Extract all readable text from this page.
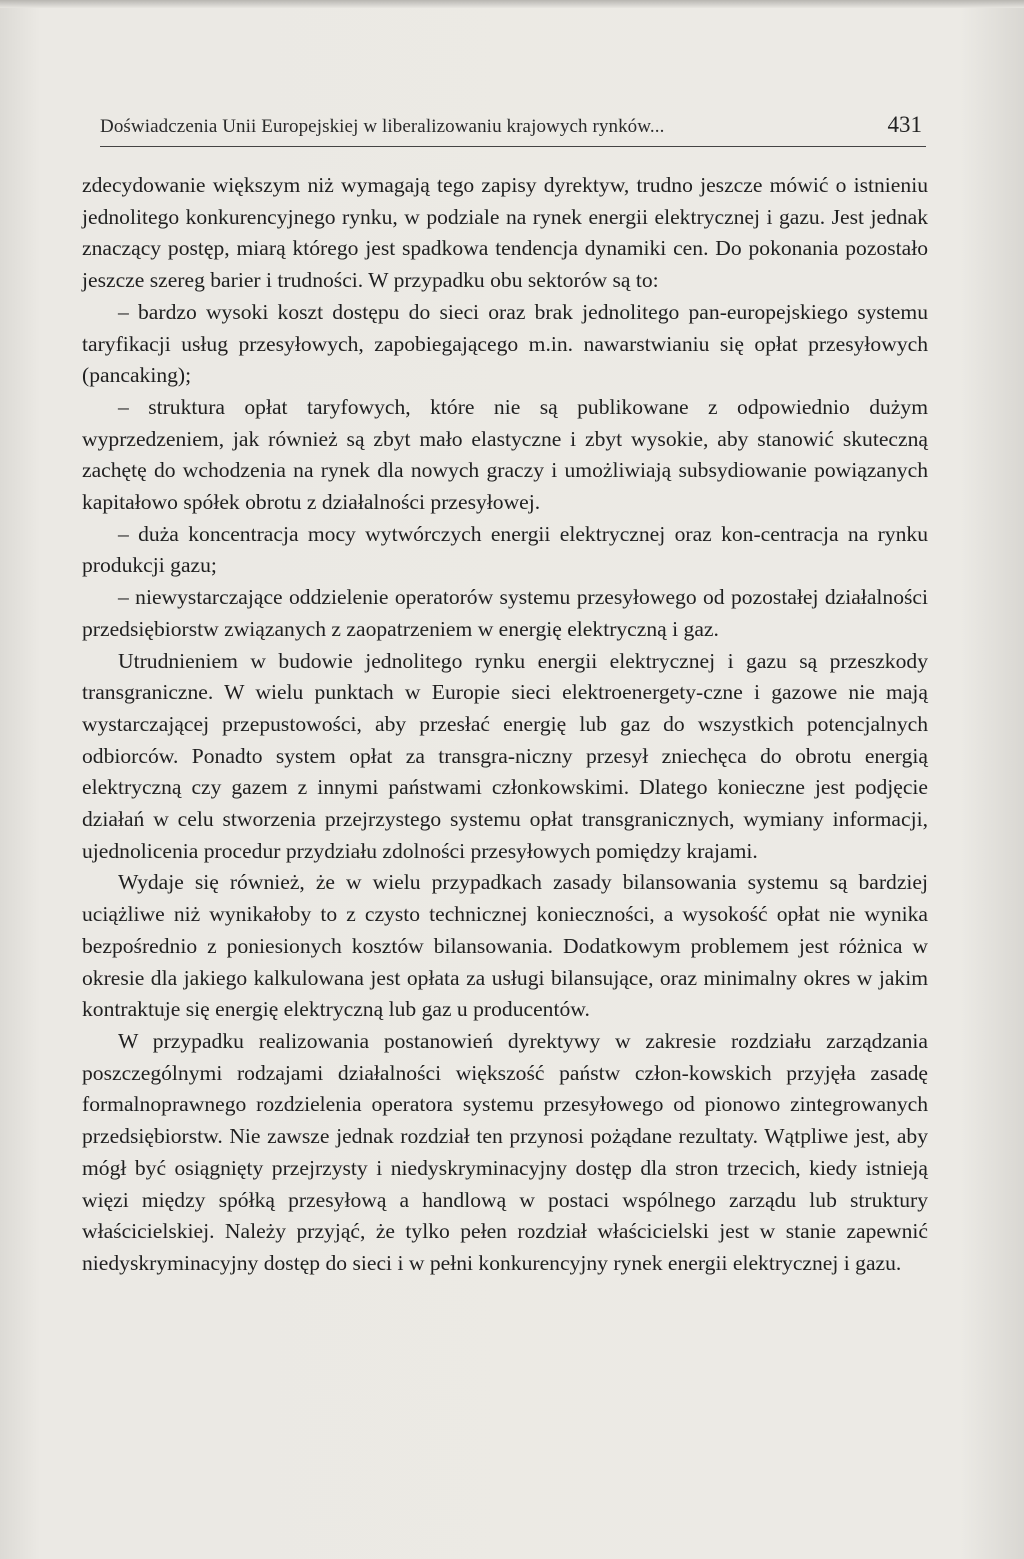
Doświadczenia Unii Europejskiej w liberalizowaniu krajowych rynków...	431

zdecydowanie większym niż wymagają tego zapisy dyrektyw, trudno jeszcze mówić o istnieniu jednolitego konkurencyjnego rynku, w podziale na rynek energii elektrycznej i gazu. Jest jednak znaczący postęp, miarą którego jest spadkowa tendencja dynamiki cen. Do pokonania pozostało jeszcze szereg barier i trudności. W przypadku obu sektorów są to:

– bardzo wysoki koszt dostępu do sieci oraz brak jednolitego pan-europejskiego systemu taryfikacji usług przesyłowych, zapobiegającego m.in. nawarstwianiu się opłat przesyłowych (pancaking);

– struktura opłat taryfowych, które nie są publikowane z odpowiednio dużym wyprzedzeniem, jak również są zbyt mało elastyczne i zbyt wysokie, aby stanowić skuteczną zachętę do wchodzenia na rynek dla nowych graczy i umożliwiają subsydiowanie powiązanych kapitałowo spółek obrotu z działalności przesyłowej.

– duża koncentracja mocy wytwórczych energii elektrycznej oraz kon-centracja na rynku produkcji gazu;

– niewystarczające oddzielenie operatorów systemu przesyłowego od pozostałej działalności przedsiębiorstw związanych z zaopatrzeniem w energię elektryczną i gaz.

Utrudnieniem w budowie jednolitego rynku energii elektrycznej i gazu są przeszkody transgraniczne. W wielu punktach w Europie sieci elektroenergety-czne i gazowe nie mają wystarczającej przepustowości, aby przesłać energię lub gaz do wszystkich potencjalnych odbiorców. Ponadto system opłat za transgra-niczny przesył zniechęca do obrotu energią elektryczną czy gazem z innymi państwami członkowskimi. Dlatego konieczne jest podjęcie działań w celu stworzenia przejrzystego systemu opłat transgranicznych, wymiany informacji, ujednolicenia procedur przydziału zdolności przesyłowych pomiędzy krajami.

Wydaje się również, że w wielu przypadkach zasady bilansowania systemu są bardziej uciążliwe niż wynikałoby to z czysto technicznej konieczności, a wysokość opłat nie wynika bezpośrednio z poniesionych kosztów bilansowania. Dodatkowym problemem jest różnica w okresie dla jakiego kalkulowana jest opłata za usługi bilansujące, oraz minimalny okres w jakim kontraktuje się energię elektryczną lub gaz u producentów.

W przypadku realizowania postanowień dyrektywy w zakresie rozdziału zarządzania poszczególnymi rodzajami działalności większość państw człon-kowskich przyjęła zasadę formalnoprawnego rozdzielenia operatora systemu przesyłowego od pionowo zintegrowanych przedsiębiorstw. Nie zawsze jednak rozdział ten przynosi pożądane rezultaty. Wątpliwe jest, aby mógł być osiągnięty przejrzysty i niedyskryminacyjny dostęp dla stron trzecich, kiedy istnieją więzi między spółką przesyłową a handlową w postaci wspólnego zarządu lub struktury właścicielskiej. Należy przyjąć, że tylko pełen rozdział właścicielski jest w stanie zapewnić niedyskryminacyjny dostęp do sieci i w pełni konkurencyjny rynek energii elektrycznej i gazu.
